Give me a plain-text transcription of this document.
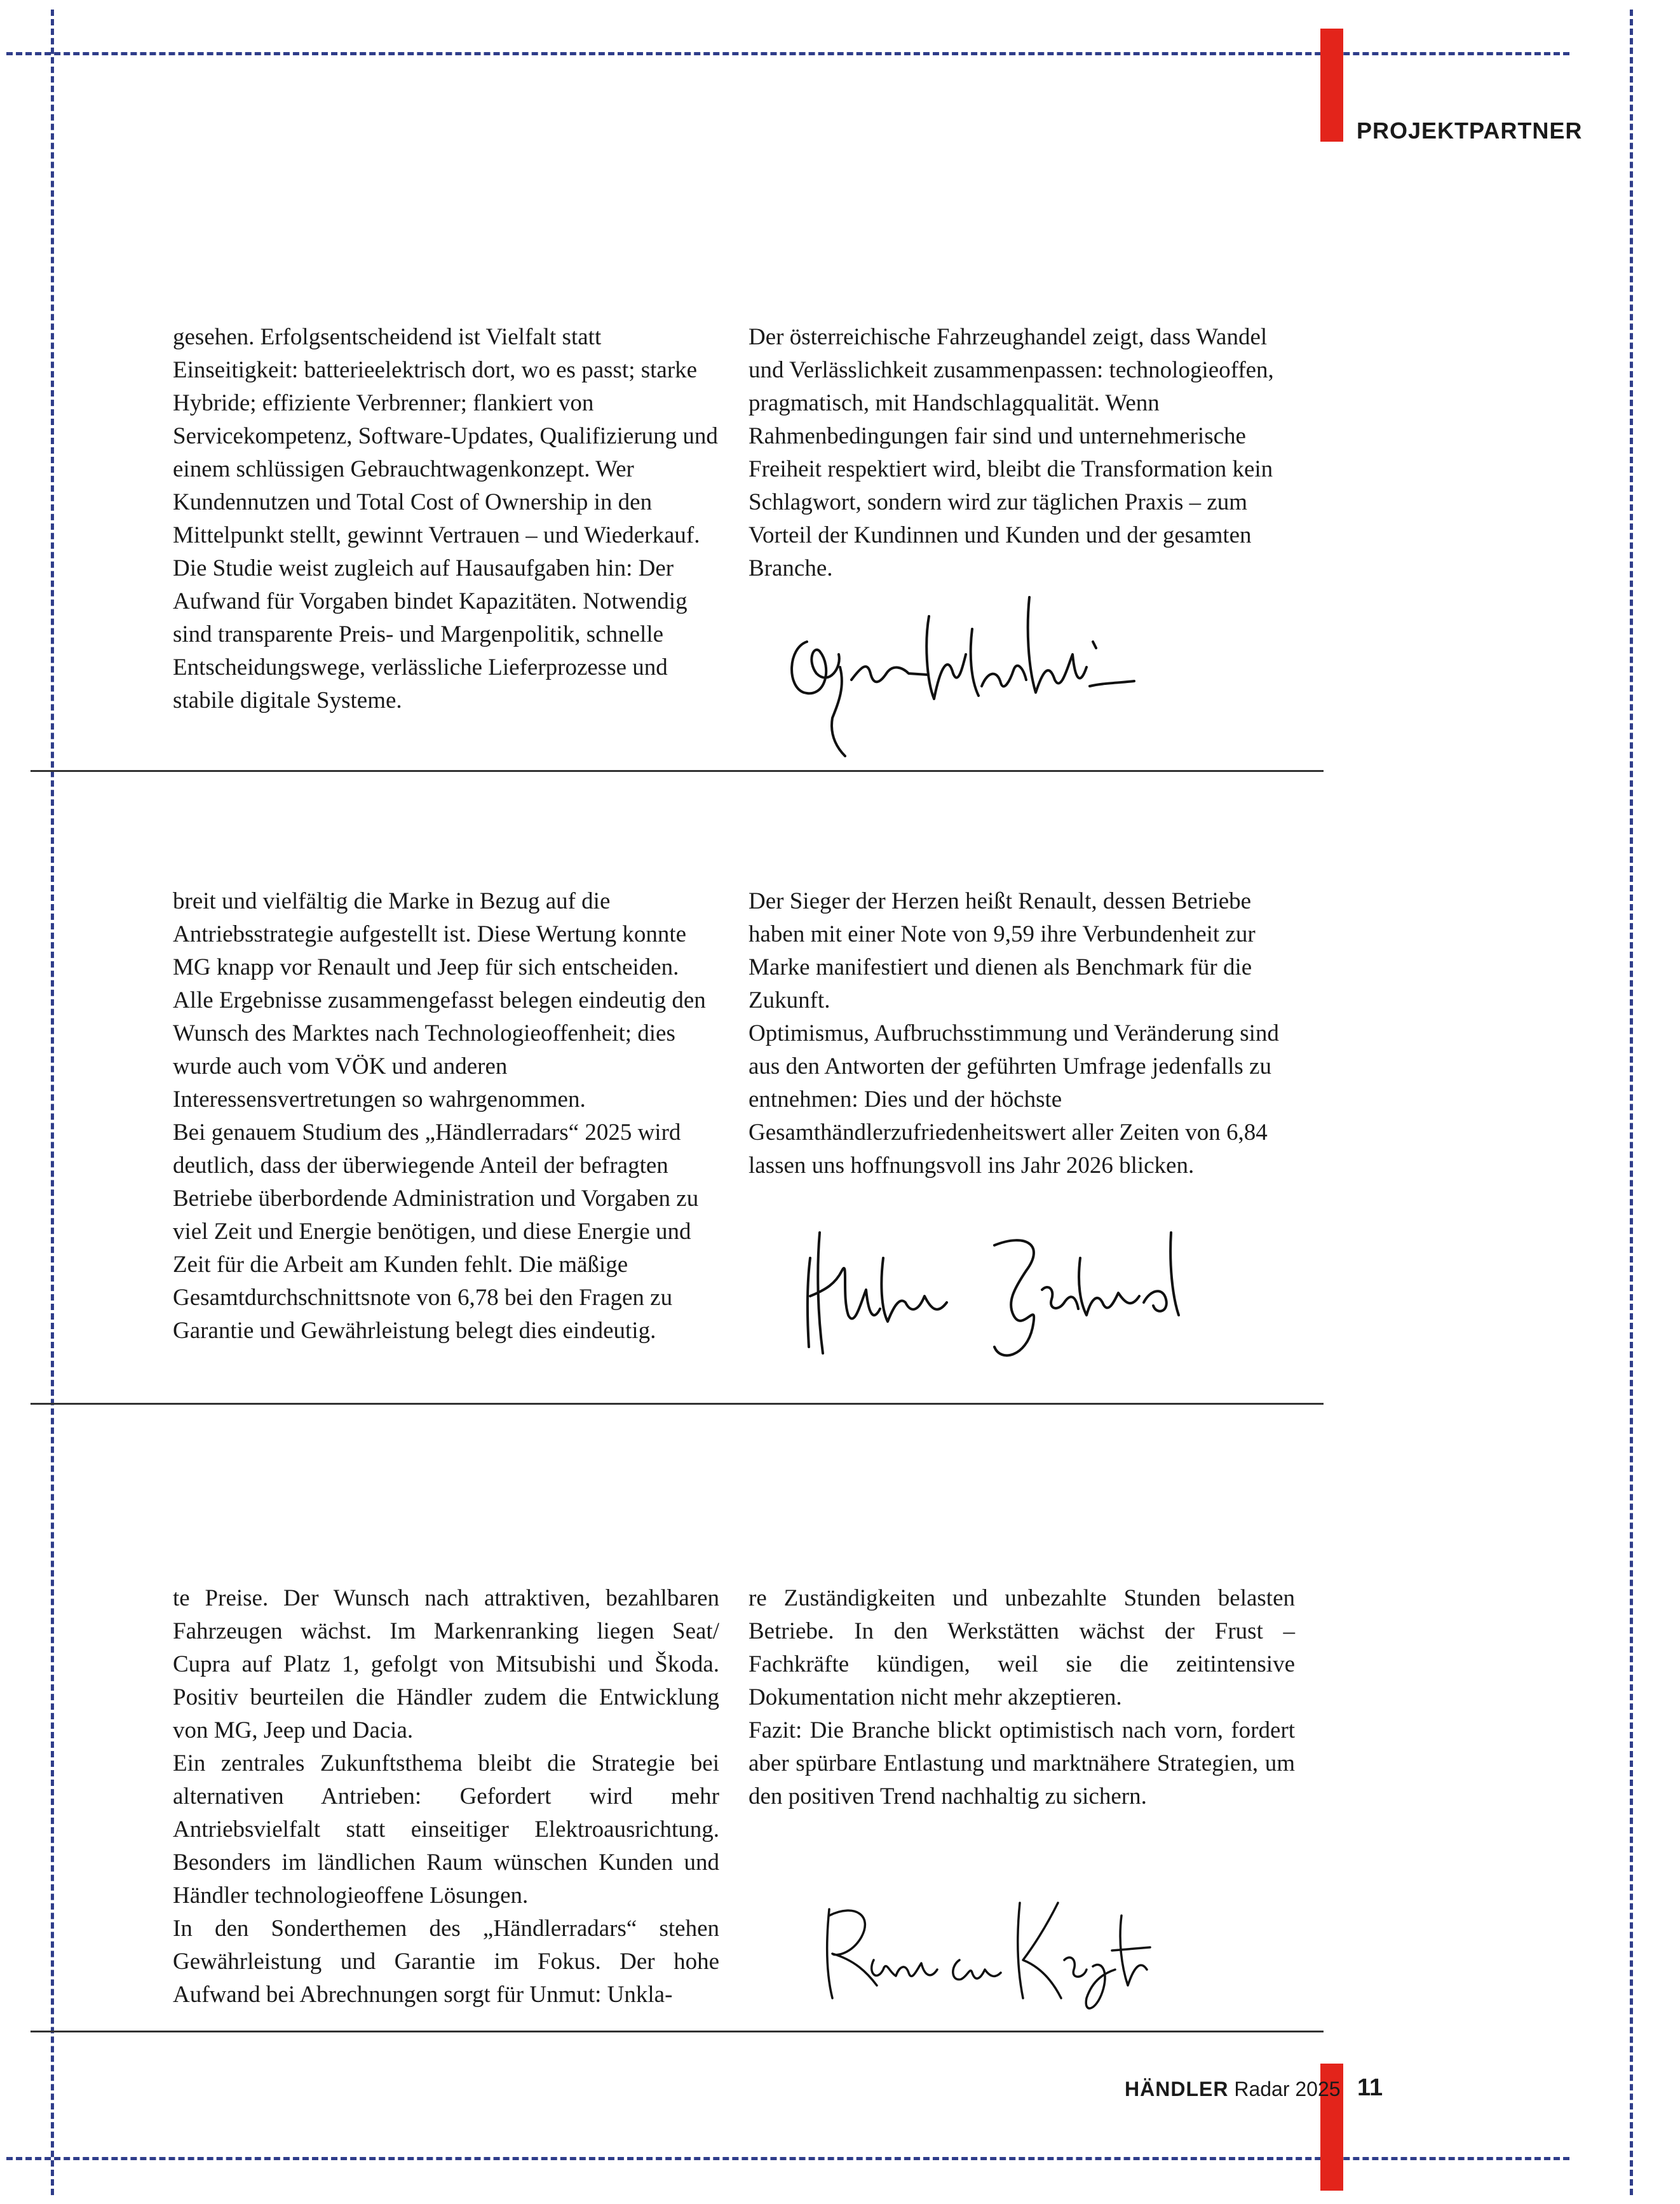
PROJEKTPARTNER

gesehen. Erfolgsentscheidend ist Vielfalt statt Einseitigkeit: batterieelektrisch dort, wo es passt; starke Hybride; effiziente Verbrenner; flankiert von Servicekompetenz, Software-Updates, Qualifizierung und einem schlüssigen Gebrauchtwagenkonzept. Wer Kundennutzen und Total Cost of Ownership in den Mittelpunkt stellt, gewinnt Vertrauen – und Wiederkauf.

Die Studie weist zugleich auf Hausaufgaben hin: Der Aufwand für Vorgaben bindet Kapazitäten. Notwendig sind transparente Preis- und Margenpolitik, schnelle Entscheidungswege, verlässliche Lieferprozesse und stabile digitale Systeme.

Der österreichische Fahrzeughandel zeigt, dass Wandel und Verlässlichkeit zusammenpassen: technologieoffen, pragmatisch, mit Handschlagqualität. Wenn Rahmenbedingungen fair sind und unternehmerische Freiheit respektiert wird, bleibt die Transformation kein Schlagwort, sondern wird zur täglichen Praxis – zum Vorteil der Kundinnen und Kunden und der gesamten Branche.

breit und vielfältig die Marke in Bezug auf die Antriebsstrategie aufgestellt ist. Diese Wertung konnte MG knapp vor Renault und Jeep für sich entscheiden. Alle Ergebnisse zusammengefasst belegen eindeutig den Wunsch des Marktes nach Technologieoffenheit; dies wurde auch vom VÖK und anderen Interessensvertretungen so wahrgenommen.

Bei genauem Studium des „Händlerradars“ 2025 wird deutlich, dass der überwiegende Anteil der befragten Betriebe überbordende Administration und Vorgaben zu viel Zeit und Energie benötigen, und diese Energie und Zeit für die Arbeit am Kunden fehlt. Die mäßige Gesamtdurchschnittsnote von 6,78 bei den Fragen zu Garantie und Gewährleistung belegt dies eindeutig.

Der Sieger der Herzen heißt Renault, dessen Betriebe haben mit einer Note von 9,59 ihre Verbundenheit zur Marke manifestiert und dienen als Benchmark für die Zukunft.

Optimismus, Aufbruchsstimmung und Veränderung sind aus den Antworten der geführten Umfrage jedenfalls zu entnehmen: Dies und der höchste Gesamthändlerzufriedenheitswert aller Zeiten von 6,84 lassen uns hoffnungsvoll ins Jahr 2026 blicken.

te Preise. Der Wunsch nach attraktiven, bezahlbaren Fahrzeugen wächst. Im Markenranking liegen Seat/ Cupra auf Platz 1, gefolgt von Mitsubishi und Škoda. Positiv beurteilen die Händler zudem die Entwicklung von MG, Jeep und Dacia.

Ein zentrales Zukunftsthema bleibt die Strategie bei alternativen Antrieben: Gefordert wird mehr Antriebsvielfalt statt einseitiger Elektroausrichtung. Besonders im ländlichen Raum wünschen Kunden und Händler technologieoffene Lösungen.

In den Sonderthemen des „Händlerradars“ stehen Gewährleistung und Garantie im Fokus. Der hohe Aufwand bei Abrechnungen sorgt für Unmut: Unkla-

re Zuständigkeiten und unbezahlte Stunden belasten Betriebe. In den Werkstätten wächst der Frust – Fachkräfte kündigen, weil sie die zeitintensive Dokumentation nicht mehr akzeptieren.

Fazit: Die Branche blickt optimistisch nach vorn, fordert aber spürbare Entlastung und marktnähere Strategien, um den positiven Trend nachhaltig zu sichern.

HÄNDLER Radar 2025 11
